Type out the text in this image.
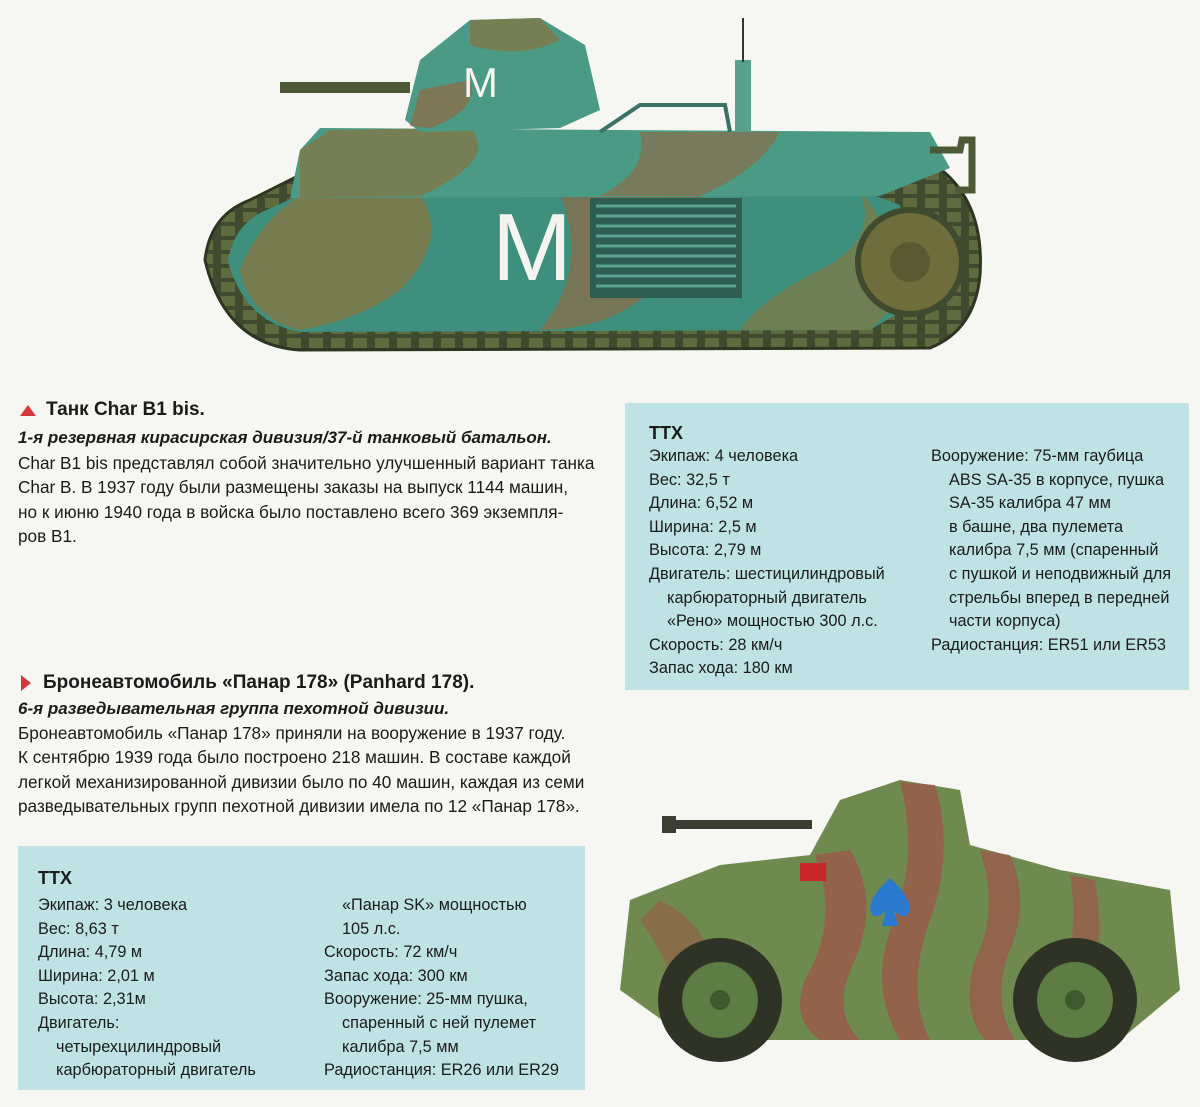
M
M
Танк Char B1 bis.
1-я резервная кирасирская дивизия/37-й танковый батальон.
Char B1 bis представлял собой значительно улучшенный вариант танка
Char B. В 1937 году были размещены заказы на выпуск 1144 машин,
но к июню 1940 года в войска было поставлено всего 369 экземпля-
ров В1.
ТТХ
Экипаж: 4 человека
Вес: 32,5 т
Длина: 6,52 м
Ширина: 2,5 м
Высота: 2,79 м
Двигатель: шестицилиндровый
карбюраторный двигатель
«Рено» мощностью 300 л.с.
Скорость: 28 км/ч
Запас хода: 180 км
Вооружение: 75-мм гаубица
ABS SA-35 в корпусе, пушка
SA-35 калибра 47 мм
в башне, два пулемета
калибра 7,5 мм (спаренный
с пушкой и неподвижный для
стрельбы вперед в передней
части корпуса)
Радиостанция: ER51 или ER53
Бронеавтомобиль «Панар 178» (Panhard 178).
6-я разведывательная группа пехотной дивизии.
Бронеавтомобиль «Панар 178» приняли на вооружение в 1937 году.
К сентябрю 1939 года было построено 218 машин. В составе каждой
легкой механизированной дивизии было по 40 машин, каждая из семи
разведывательных групп пехотной дивизии имела по 12 «Панар 178».
ТТХ
Экипаж: 3 человека
Вес: 8,63 т
Длина: 4,79 м
Ширина: 2,01 м
Высота: 2,31м
Двигатель:
четырехцилиндровый
карбюраторный двигатель
«Панар SK» мощностью
105 л.с.
Скорость: 72 км/ч
Запас хода: 300 км
Вооружение: 25-мм пушка,
спаренный с ней пулемет
калибра 7,5 мм
Радиостанция: ER26 или ER29
